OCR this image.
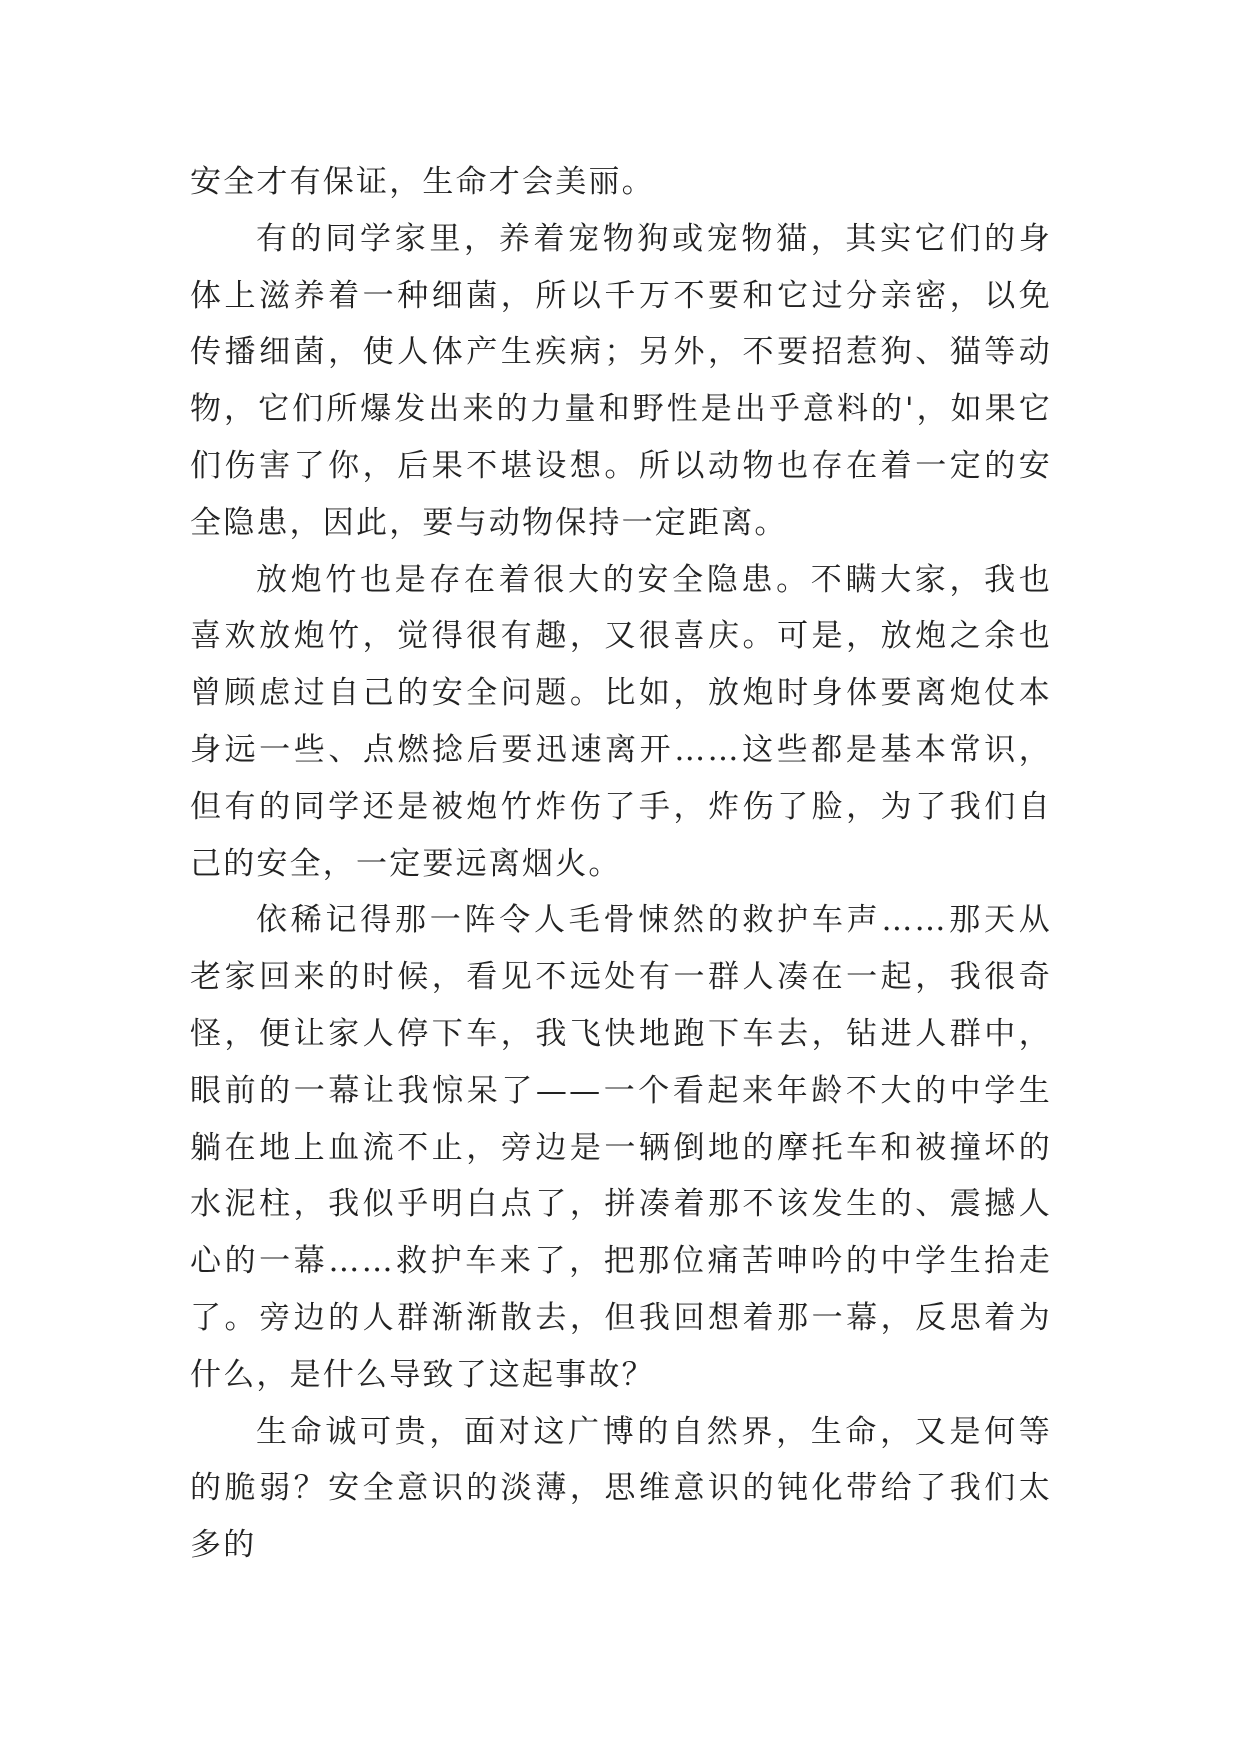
安全才有保证，生命才会美丽。

有的同学家里，养着宠物狗或宠物猫，其实它们的身体上滋养着一种细菌，所以千万不要和它过分亲密，以免传播细菌，使人体产生疾病；另外，不要招惹狗、猫等动物，它们所爆发出来的力量和野性是出乎意料的'，如果它们伤害了你，后果不堪设想。所以动物也存在着一定的安全隐患，因此，要与动物保持一定距离。

放炮竹也是存在着很大的安全隐患。不瞒大家，我也喜欢放炮竹，觉得很有趣，又很喜庆。可是，放炮之余也曾顾虑过自己的安全问题。比如，放炮时身体要离炮仗本身远一些、点燃捻后要迅速离开……这些都是基本常识，但有的同学还是被炮竹炸伤了手，炸伤了脸，为了我们自己的安全，一定要远离烟火。

依稀记得那一阵令人毛骨悚然的救护车声……那天从老家回来的时候，看见不远处有一群人凑在一起，我很奇怪，便让家人停下车，我飞快地跑下车去，钻进人群中，眼前的一幕让我惊呆了——一个看起来年龄不大的中学生躺在地上血流不止，旁边是一辆倒地的摩托车和被撞坏的水泥柱，我似乎明白点了，拼凑着那不该发生的、震撼人心的一幕……救护车来了，把那位痛苦呻吟的中学生抬走了。旁边的人群渐渐散去，但我回想着那一幕，反思着为什么，是什么导致了这起事故？

生命诚可贵，面对这广博的自然界，生命，又是何等的脆弱？安全意识的淡薄，思维意识的钝化带给了我们太多的
